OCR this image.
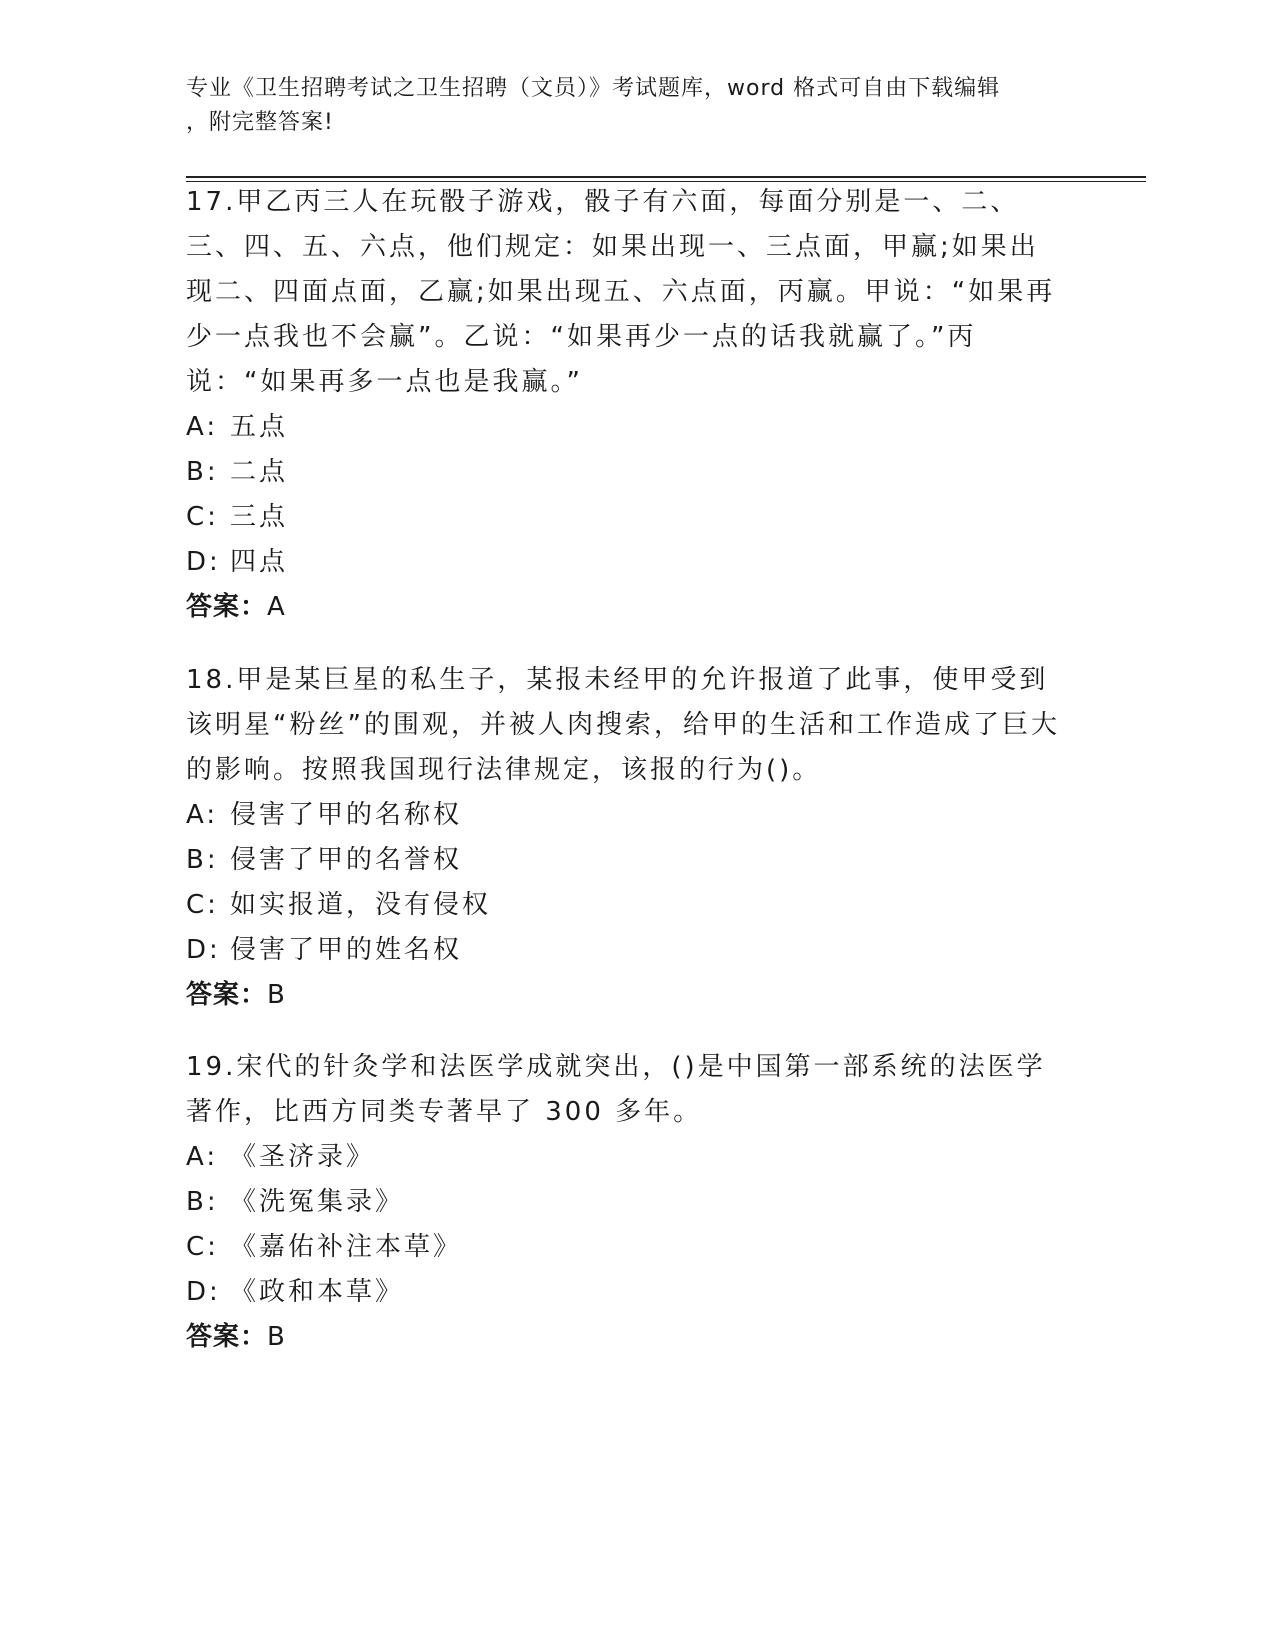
专业《卫生招聘考试之卫生招聘（文员）》考试题库，word 格式可自由下载编辑
，附完整答案!

17.甲乙丙三人在玩骰子游戏，骰子有六面，每面分别是一、二、三、四、五、六点，他们规定：如果出现一、三点面，甲赢;如果出现二、四面点面，乙赢;如果出现五、六点面，丙赢。甲说：“如果再少一点我也不会赢”。乙说：“如果再少一点的话我就赢了。”丙说：“如果再多一点也是我赢。”

A: 五点
B: 二点
C: 三点
D: 四点

答案：A

18.甲是某巨星的私生子，某报未经甲的允许报道了此事，使甲受到该明星“粉丝”的围观，并被人肉搜索，给甲的生活和工作造成了巨大的影响。按照我国现行法律规定，该报的行为()。

A: 侵害了甲的名称权
B: 侵害了甲的名誉权
C: 如实报道，没有侵权
D: 侵害了甲的姓名权

答案：B

19.宋代的针灸学和法医学成就突出，()是中国第一部系统的法医学著作，比西方同类专著早了 300 多年。

A: 《圣济录》
B: 《洗冤集录》
C: 《嘉佑补注本草》
D: 《政和本草》

答案：B
